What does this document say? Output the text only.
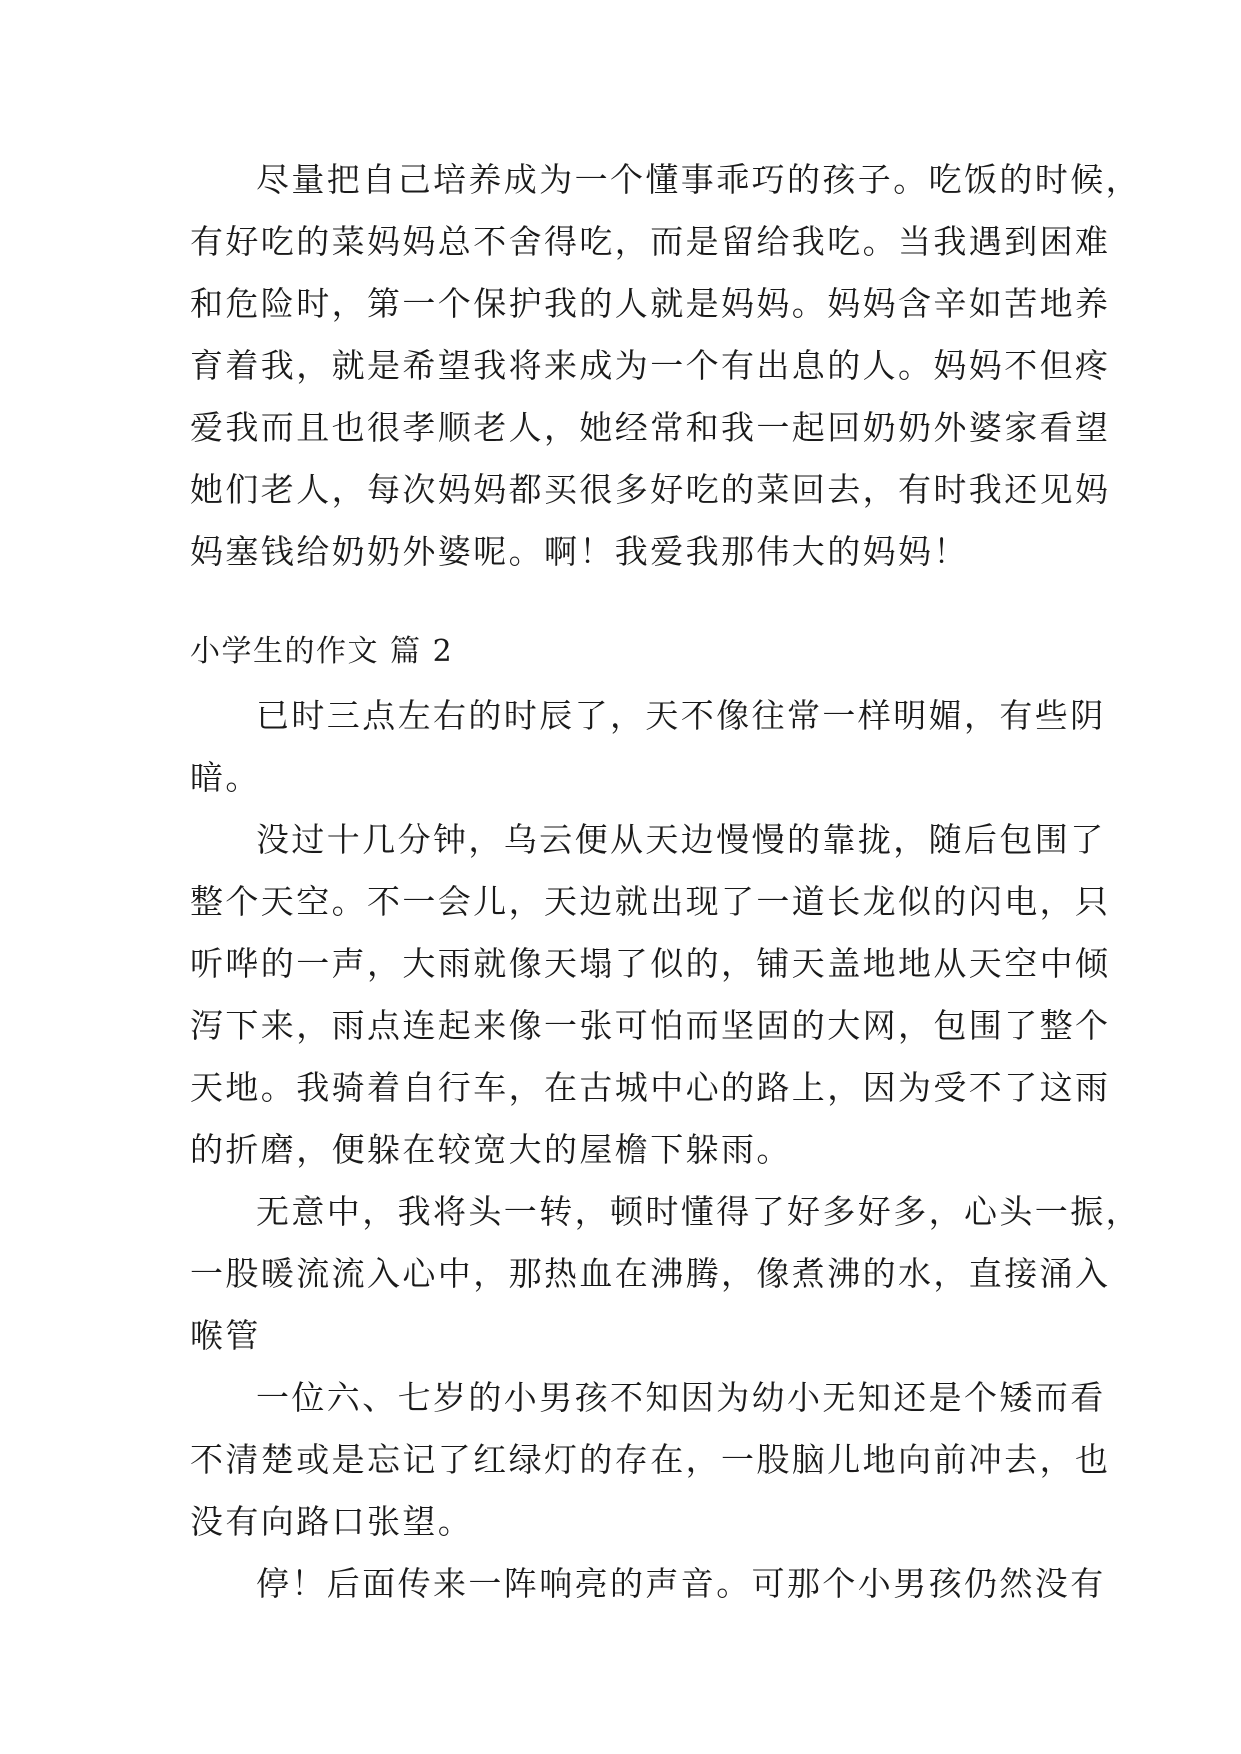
尽量把自己培养成为一个懂事乖巧的孩子。吃饭的时候，
有好吃的菜妈妈总不舍得吃，而是留给我吃。当我遇到困难
和危险时，第一个保护我的人就是妈妈。妈妈含辛如苦地养
育着我，就是希望我将来成为一个有出息的人。妈妈不但疼
爱我而且也很孝顺老人，她经常和我一起回奶奶外婆家看望
她们老人，每次妈妈都买很多好吃的菜回去，有时我还见妈
妈塞钱给奶奶外婆呢。啊！我爱我那伟大的妈妈！
小学生的作文 篇 2
已时三点左右的时辰了，天不像往常一样明媚，有些阴
暗。
没过十几分钟，乌云便从天边慢慢的靠拢，随后包围了
整个天空。不一会儿，天边就出现了一道长龙似的闪电，只
听哗的一声，大雨就像天塌了似的，铺天盖地地从天空中倾
泻下来，雨点连起来像一张可怕而坚固的大网，包围了整个
天地。我骑着自行车，在古城中心的路上，因为受不了这雨
的折磨，便躲在较宽大的屋檐下躲雨。
无意中，我将头一转，顿时懂得了好多好多，心头一振，
一股暖流流入心中，那热血在沸腾，像煮沸的水，直接涌入
喉管
一位六、七岁的小男孩不知因为幼小无知还是个矮而看
不清楚或是忘记了红绿灯的存在，一股脑儿地向前冲去，也
没有向路口张望。
停！后面传来一阵响亮的声音。可那个小男孩仍然没有
